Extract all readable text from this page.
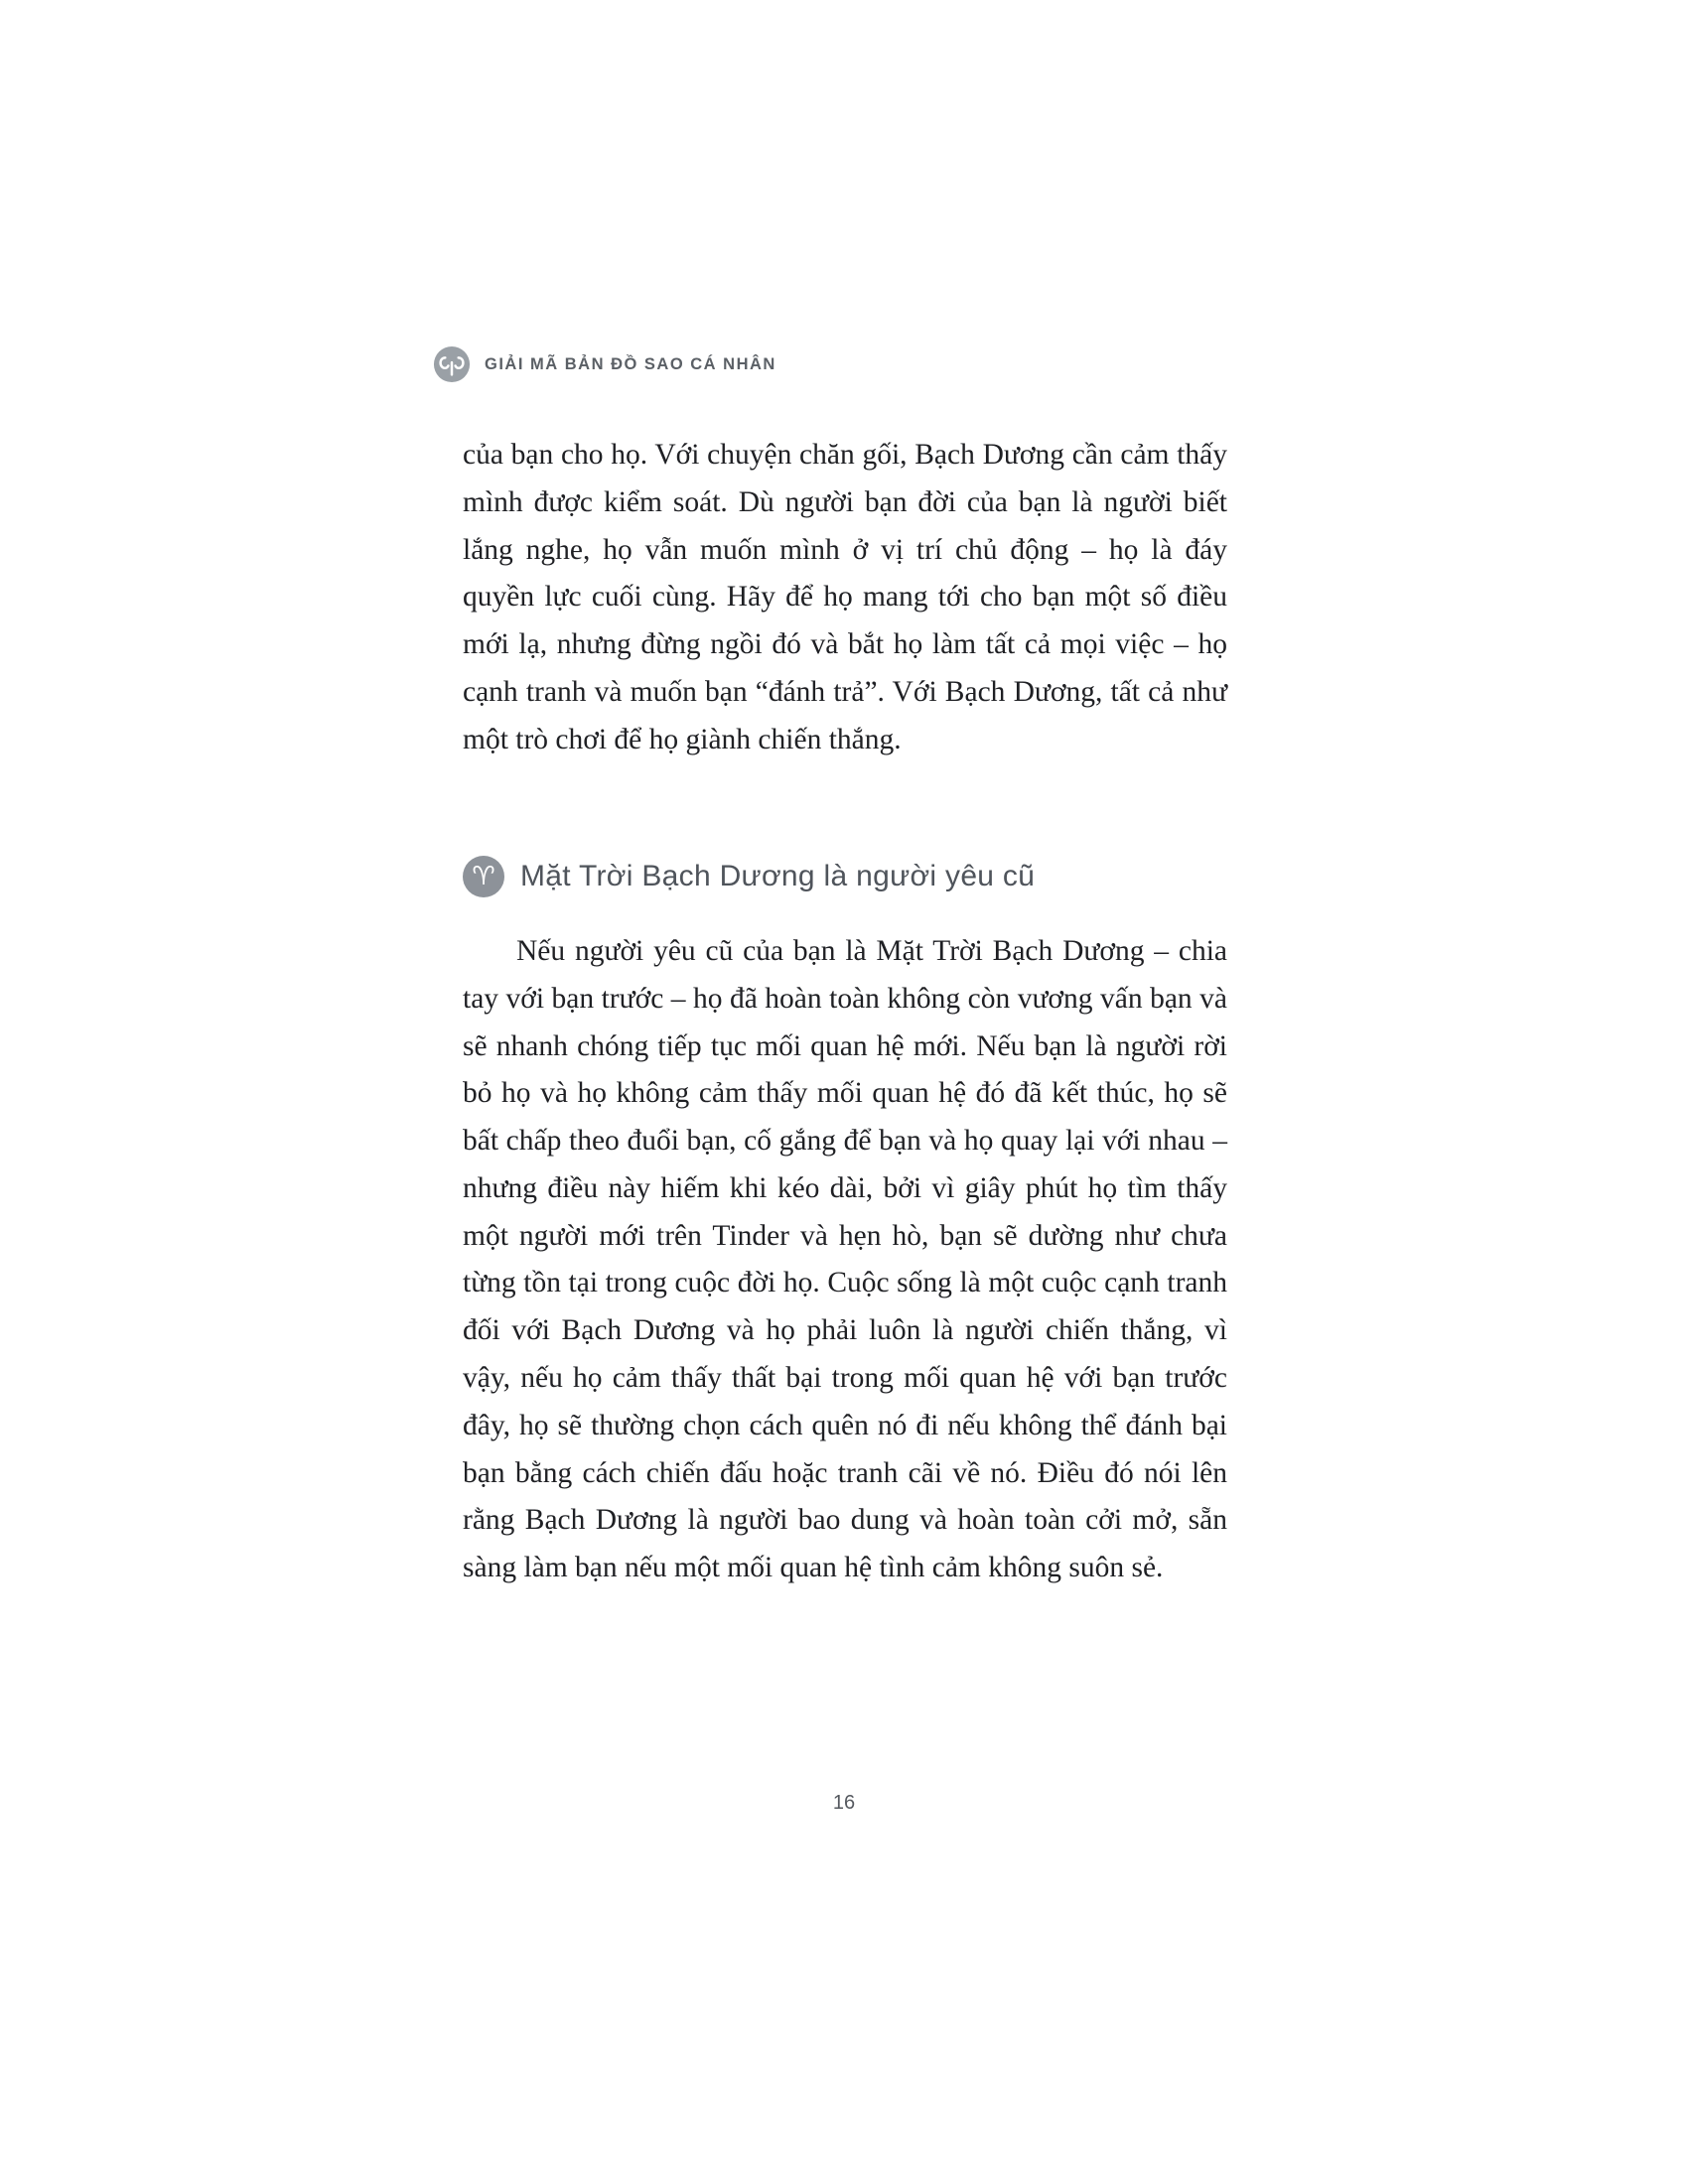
GIẢI MÃ BẢN ĐỒ SAO CÁ NHÂN

của bạn cho họ. Với chuyện chăn gối, Bạch Dương cần cảm thấy mình được kiểm soát. Dù người bạn đời của bạn là người biết lắng nghe, họ vẫn muốn mình ở vị trí chủ động – họ là đáy quyền lực cuối cùng. Hãy để họ mang tới cho bạn một số điều mới lạ, nhưng đừng ngồi đó và bắt họ làm tất cả mọi việc – họ cạnh tranh và muốn bạn “đánh trả”. Với Bạch Dương, tất cả như một trò chơi để họ giành chiến thắng.

♈ Mặt Trời Bạch Dương là người yêu cũ

Nếu người yêu cũ của bạn là Mặt Trời Bạch Dương – chia tay với bạn trước – họ đã hoàn toàn không còn vương vấn bạn và sẽ nhanh chóng tiếp tục mối quan hệ mới. Nếu bạn là người rời bỏ họ và họ không cảm thấy mối quan hệ đó đã kết thúc, họ sẽ bất chấp theo đuổi bạn, cố gắng để bạn và họ quay lại với nhau – nhưng điều này hiếm khi kéo dài, bởi vì giây phút họ tìm thấy một người mới trên Tinder và hẹn hò, bạn sẽ dường như chưa từng tồn tại trong cuộc đời họ. Cuộc sống là một cuộc cạnh tranh đối với Bạch Dương và họ phải luôn là người chiến thắng, vì vậy, nếu họ cảm thấy thất bại trong mối quan hệ với bạn trước đây, họ sẽ thường chọn cách quên nó đi nếu không thể đánh bại bạn bằng cách chiến đấu hoặc tranh cãi về nó. Điều đó nói lên rằng Bạch Dương là người bao dung và hoàn toàn cởi mở, sẵn sàng làm bạn nếu một mối quan hệ tình cảm không suôn sẻ.

16
